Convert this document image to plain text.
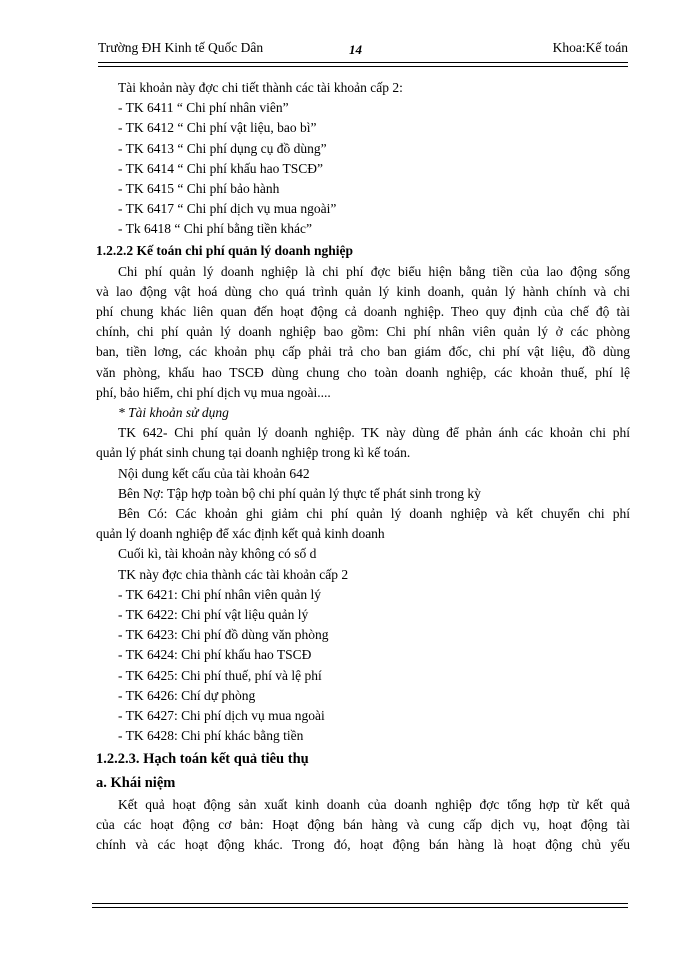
Trường ĐH Kinh tế Quốc Dân	14	Khoa:Kế toán
Tài khoản này đợc chi tiết thành các tài khoản cấp 2:
- TK 6411 “ Chi phí nhân viên”
- TK 6412 “ Chi phí vật liệu, bao bì”
- TK 6413 “ Chi phí dụng cụ đồ dùng”
- TK 6414 “ Chi phí khấu hao TSCĐ”
- TK 6415 “ Chi phí bảo hành
- TK 6417 “ Chi phí dịch vụ mua ngoài”
- Tk 6418 “ Chi phí bằng tiền khác”
1.2.2.2 Kế toán chi phí quản lý doanh nghiệp
Chi phí quản lý doanh nghiệp là chi phí đợc biểu hiện bằng tiền của lao động sống
và lao động vật hoá dùng cho quá trình quản lý kinh doanh, quản lý hành chính và chi
phí chung khác liên quan đến hoạt động cả doanh nghiệp. Theo quy định của chế độ tài
chính, chi phí quản lý doanh nghiệp bao gồm: Chi phí nhân viên quản lý ở các phòng
ban, tiền lơng, các khoản phụ cấp phải trả cho ban giám đốc, chi phí vật liệu, đồ dùng
văn phòng, khấu hao TSCĐ dùng chung cho toàn doanh nghiệp, các khoản thuế, phí lệ
phí, bảo hiểm, chi phí dịch vụ mua ngoài....
* Tài khoản sử dụng
TK 642- Chi phí quản lý doanh nghiệp. TK này dùng để phản ánh các khoản chi phí
quản lý phát sinh chung tại doanh nghiệp trong kì kế toán.
Nội dung kết cấu của tài khoản 642
Bên Nợ: Tập hợp toàn bộ chi phí quản lý thực tế phát sinh trong kỳ
Bên Có: Các khoản ghi giảm chi phí quản lý doanh nghiệp và kết chuyển chi phí
quản lý doanh nghiệp để xác định kết quả kinh doanh
Cuối kì, tài khoản này không có số d
TK này đợc chia thành các tài khoản cấp 2
- TK 6421: Chi phí nhân viên quản lý
- TK 6422: Chi phí vật liệu quản lý
- TK 6423: Chi phí đồ dùng văn phòng
- TK 6424: Chi phí khấu hao TSCĐ
- TK 6425: Chi phí thuế, phí và lệ phí
- TK 6426: Chí dự phòng
- TK 6427: Chi phí dịch vụ mua ngoài
- TK 6428: Chi phí khác bằng tiền
1.2.2.3. Hạch toán kết quả tiêu thụ
a. Khái niệm
Kết quả hoạt động sản xuất kinh doanh của doanh nghiệp đợc tổng hợp từ kết quả
của các hoạt động cơ bản: Hoạt động bán hàng và cung cấp dịch vụ, hoạt động tài
chính và các hoạt động khác. Trong đó, hoạt động bán hàng là hoạt động chủ yếu
